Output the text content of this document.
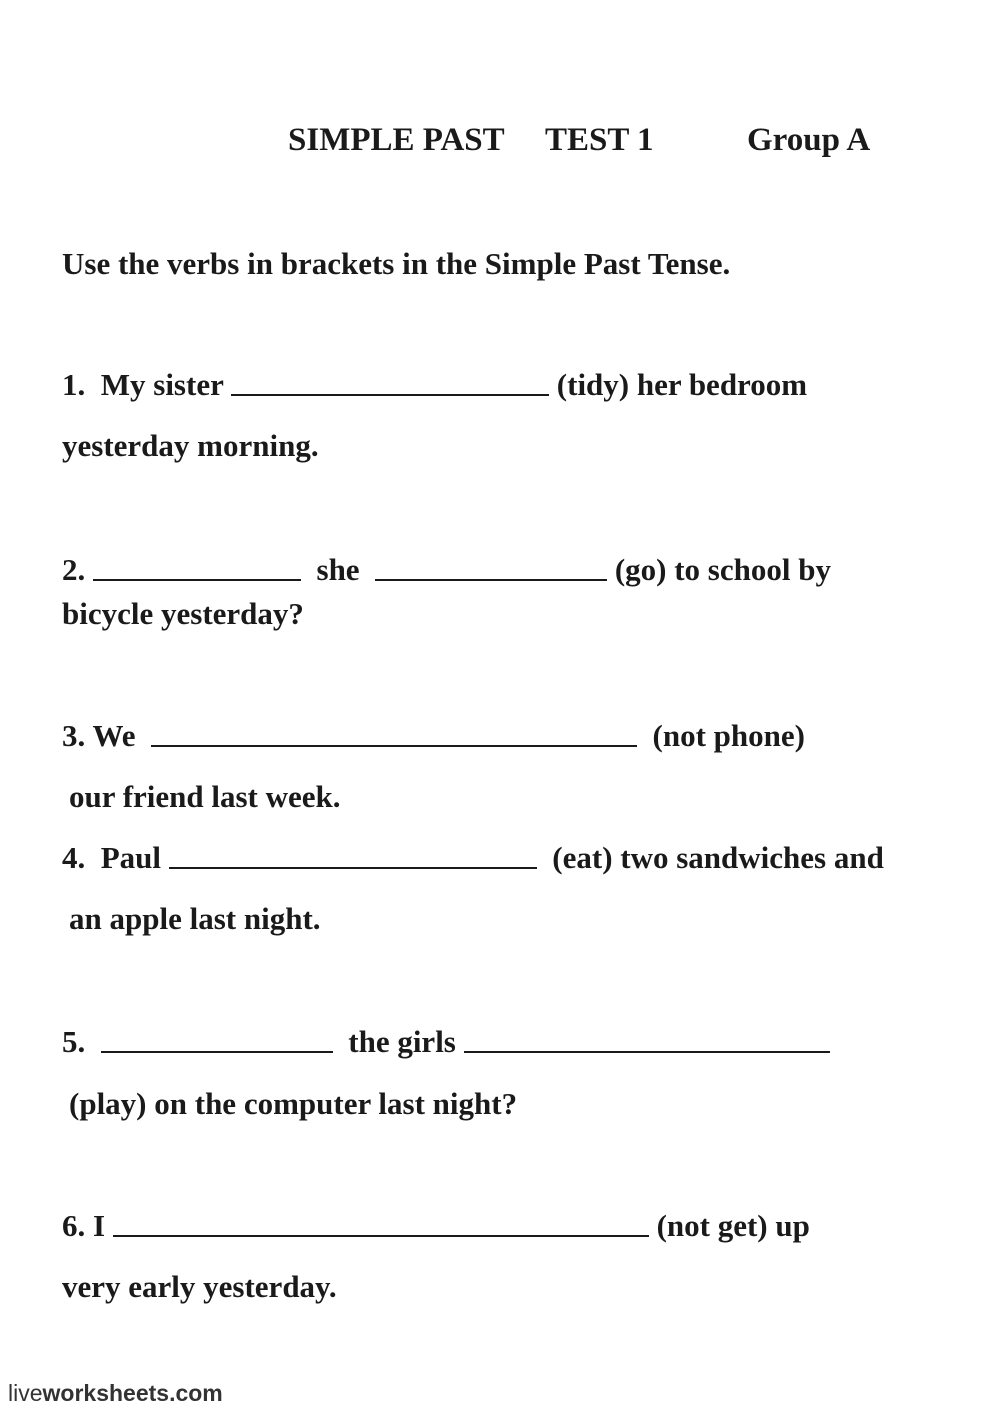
SIMPLE PAST TEST 1	Group A
Use the verbs in brackets in the Simple Past Tense.
1. My sister	(tidy) her bedroom
yesterday morning.
2.	she	(go) to school by
bicycle yesterday?
3. We	(not phone)
our friend last week.
4. Paul	(eat) two sandwiches and
an apple last night.
5.	the girls
(play) on the computer last night?
6. I	(not get) up
very early yesterday.
liveworksheets.com
